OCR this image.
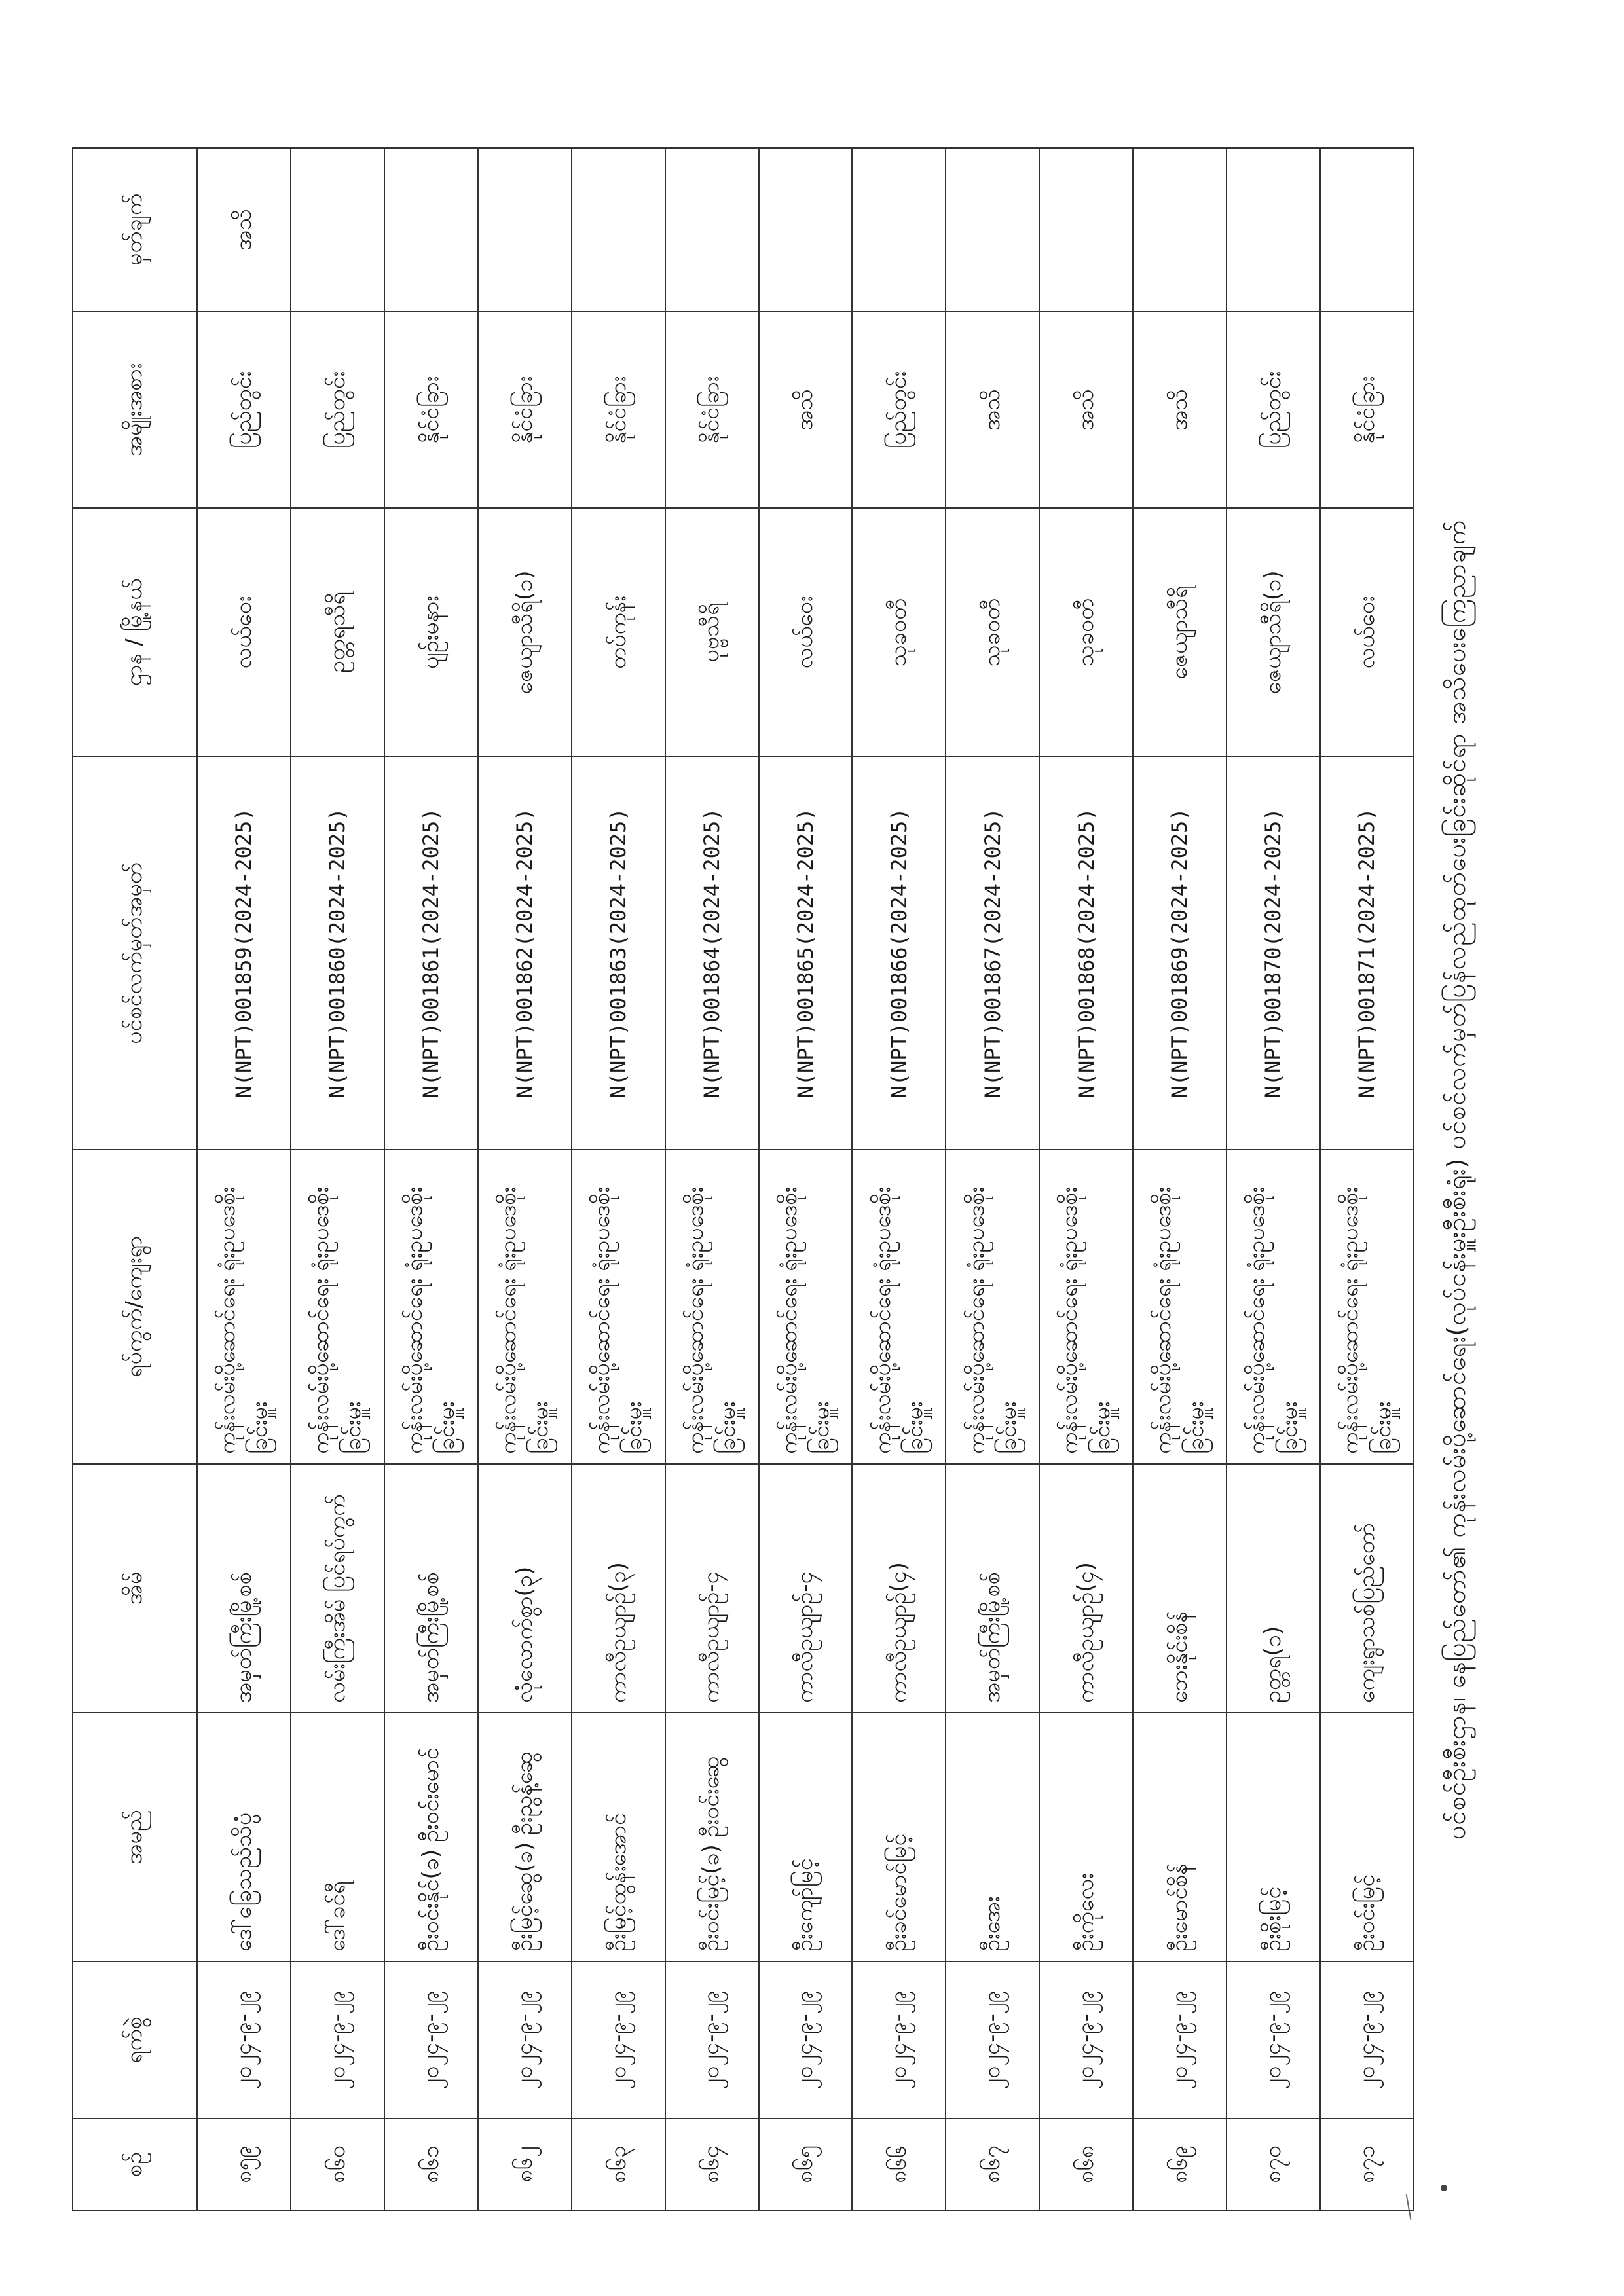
စဉ်	ရက်စွဲ	အမည်	အိမ်	ရပ်ကွက်/ကျေးရွာ	ပင်စင်လက်မှတ်အမှတ်	ဌာန / မြို့နယ်	အမျိုးအစား	မှတ်ချက်
၈၅၉	၂၀၂၄-၉-၂၉	ဒေါ်ခြေသည်သိပ္ပံ	အမှတ်ကြီးမြို့စစ်	ကုန်းလမ်းပို့ဆောင်ရေး ရုံးဥပဒေစိုးခြင်းမှူး	N(NPT)001859(2024-2025)	လယ်ဝေး	ပြည်တွင်း	အသိ
၈၆၀	၂၀၂၄-၉-၂၉	ဒေါ်ခင်ရီ	လမ်းကြီးအိမ် ပြင်ရပ်ကွက်	ကုန်းလမ်းပို့ဆောင်ရေး ရုံးဥပဒေစိုးခြင်းမှူး	N(NPT)001860(2024-2025)	ဥတ္တရသီရိ	ပြည်တွင်း	
၈၆၁	၂၀၂၄-၉-၂၉	ဦးဝင်းနိုင်(ခ) ဦးဝင်းမောင်	အမှတ်ကြီးမြို့စစ်	ကုန်းလမ်းပို့ဆောင်ရေး ရုံးဥပဒေစိုးခြင်းမှူး	N(NPT)001861(2024-2025)	ပျဉ်းမနား	နိုင်ငံခြား	
၈၆၂	၂၀၂၄-၉-၂၉	ဦးမြင့်ဆွေ(ခ) ဦးညွန့်ဆွေ	လုံလောက်စွာ(၃)	ကုန်းလမ်းပို့ဆောင်ရေး ရုံးဥပဒေစိုးခြင်းမှူး	N(NPT)001862(2024-2025)	ဇေယျာသီရိ(၁)	နိုင်ငံခြား	
၈၆၃	၂၀၂၄-၉-၂၉	ဦးမြင့်ထွန်းအောင်	ကာလီဥယျာဉ်(၃)	ကုန်းလမ်းပို့ဆောင်ရေး ရုံးဥပဒေစိုးခြင်းမှူး	N(NPT)001863(2024-2025)	တပ်ကုန်း	နိုင်ငံခြား	
၈၆၄	၂၀၂၄-၉-၂၉	ဦးဝင်းမြင့်(ခ) ဦးဝင်းဆွေ	ကာလီဥယျာဉ်-၄	ကုန်းလမ်းပို့ဆောင်ရေး ရုံးဥပဒေစိုးခြင်းမှူး	N(NPT)001864(2024-2025)	ပုဗ္ဗသီရိ	နိုင်ငံခြား	
၈၆၅	၂၀၂၄-၉-၂၉	ဦးကျော်မြင့်	ကာလီဥယျာဉ်-၄	ကုန်းလမ်းပို့ဆောင်ရေး ရုံးဥပဒေစိုးခြင်းမှူး	N(NPT)001865(2024-2025)	လယ်ဝေး	အသိ	
၈၆၆	၂၀၂၄-၉-၂၉	ဦးခင်မောင်မြင့်	ကာလီဥယျာဉ်(၄)	ကုန်းလမ်းပို့ဆောင်ရေး ရုံးဥပဒေစိုးခြင်းမှူး	N(NPT)001866(2024-2025)	သုခဝတီ	ပြည်တွင်း	
၈၆၇	၂၀၂၄-၉-၂၉	ဦးအေး	အမှတ်ကြီးမြို့စစ်	ကုန်းလမ်းပို့ဆောင်ရေး ရုံးဥပဒေစိုးခြင်းမှူး	N(NPT)001867(2024-2025)	သုခဝတီ	အသိ	
၈၆၈	၂၀၂၄-၉-၂၉	ဦးကိုလေး	ကာလီဥယျာဉ်(၄)	ကုန်းလမ်းပို့ဆောင်ရေး ရုံးဥပဒေစိုးခြင်းမှူး	N(NPT)001868(2024-2025)	သုခဝတီ	အသိ	
၈၆၉	၂၀၂၄-၉-၂၉	ဦးမောင်စိန်	ဘေးနိုင်းစိန်	ကုန်းလမ်းပို့ဆောင်ရေး ရုံးဥပဒေစိုးခြင်းမှူး	N(NPT)001869(2024-2025)	ဇေယျာသီရိ	အသိ	
၈၇၀	၂၀၂၄-၉-၂၉	ဦးစိုးမြင့်	ဥတ္တရ(၁)	ကုန်းလမ်းပို့ဆောင်ရေး ရုံးဥပဒေစိုးခြင်းမှူး	N(NPT)001870(2024-2025)	ဇေယျာသီရိ(၁)	ပြည်တွင်း	
၈၇၁	၂၀၂၄-၉-၂၉	ဦးဝင်းမြင့်	ကျေးရွာသစ်ပြည်တော်	ကုန်းလမ်းပို့ဆောင်ရေး ရုံးဥပဒေစိုးခြင်းမှူး	N(NPT)001871(2024-2025)	လယ်ဝေး	နိုင်ငံခြား	
ပင်စင်ဦးစီးဌာန၊ နေပြည်တော်၏ ကုန်းလမ်းပို့ဆောင်ရေး(လုပ်ငန်းမှူးဦးစီးရုံး) ပင်စင်လက်မှတ်ပြန်လည်ထုတ်ပေးခြင်းဆိုင်ရာ အသိပေးကြေညာချက်
